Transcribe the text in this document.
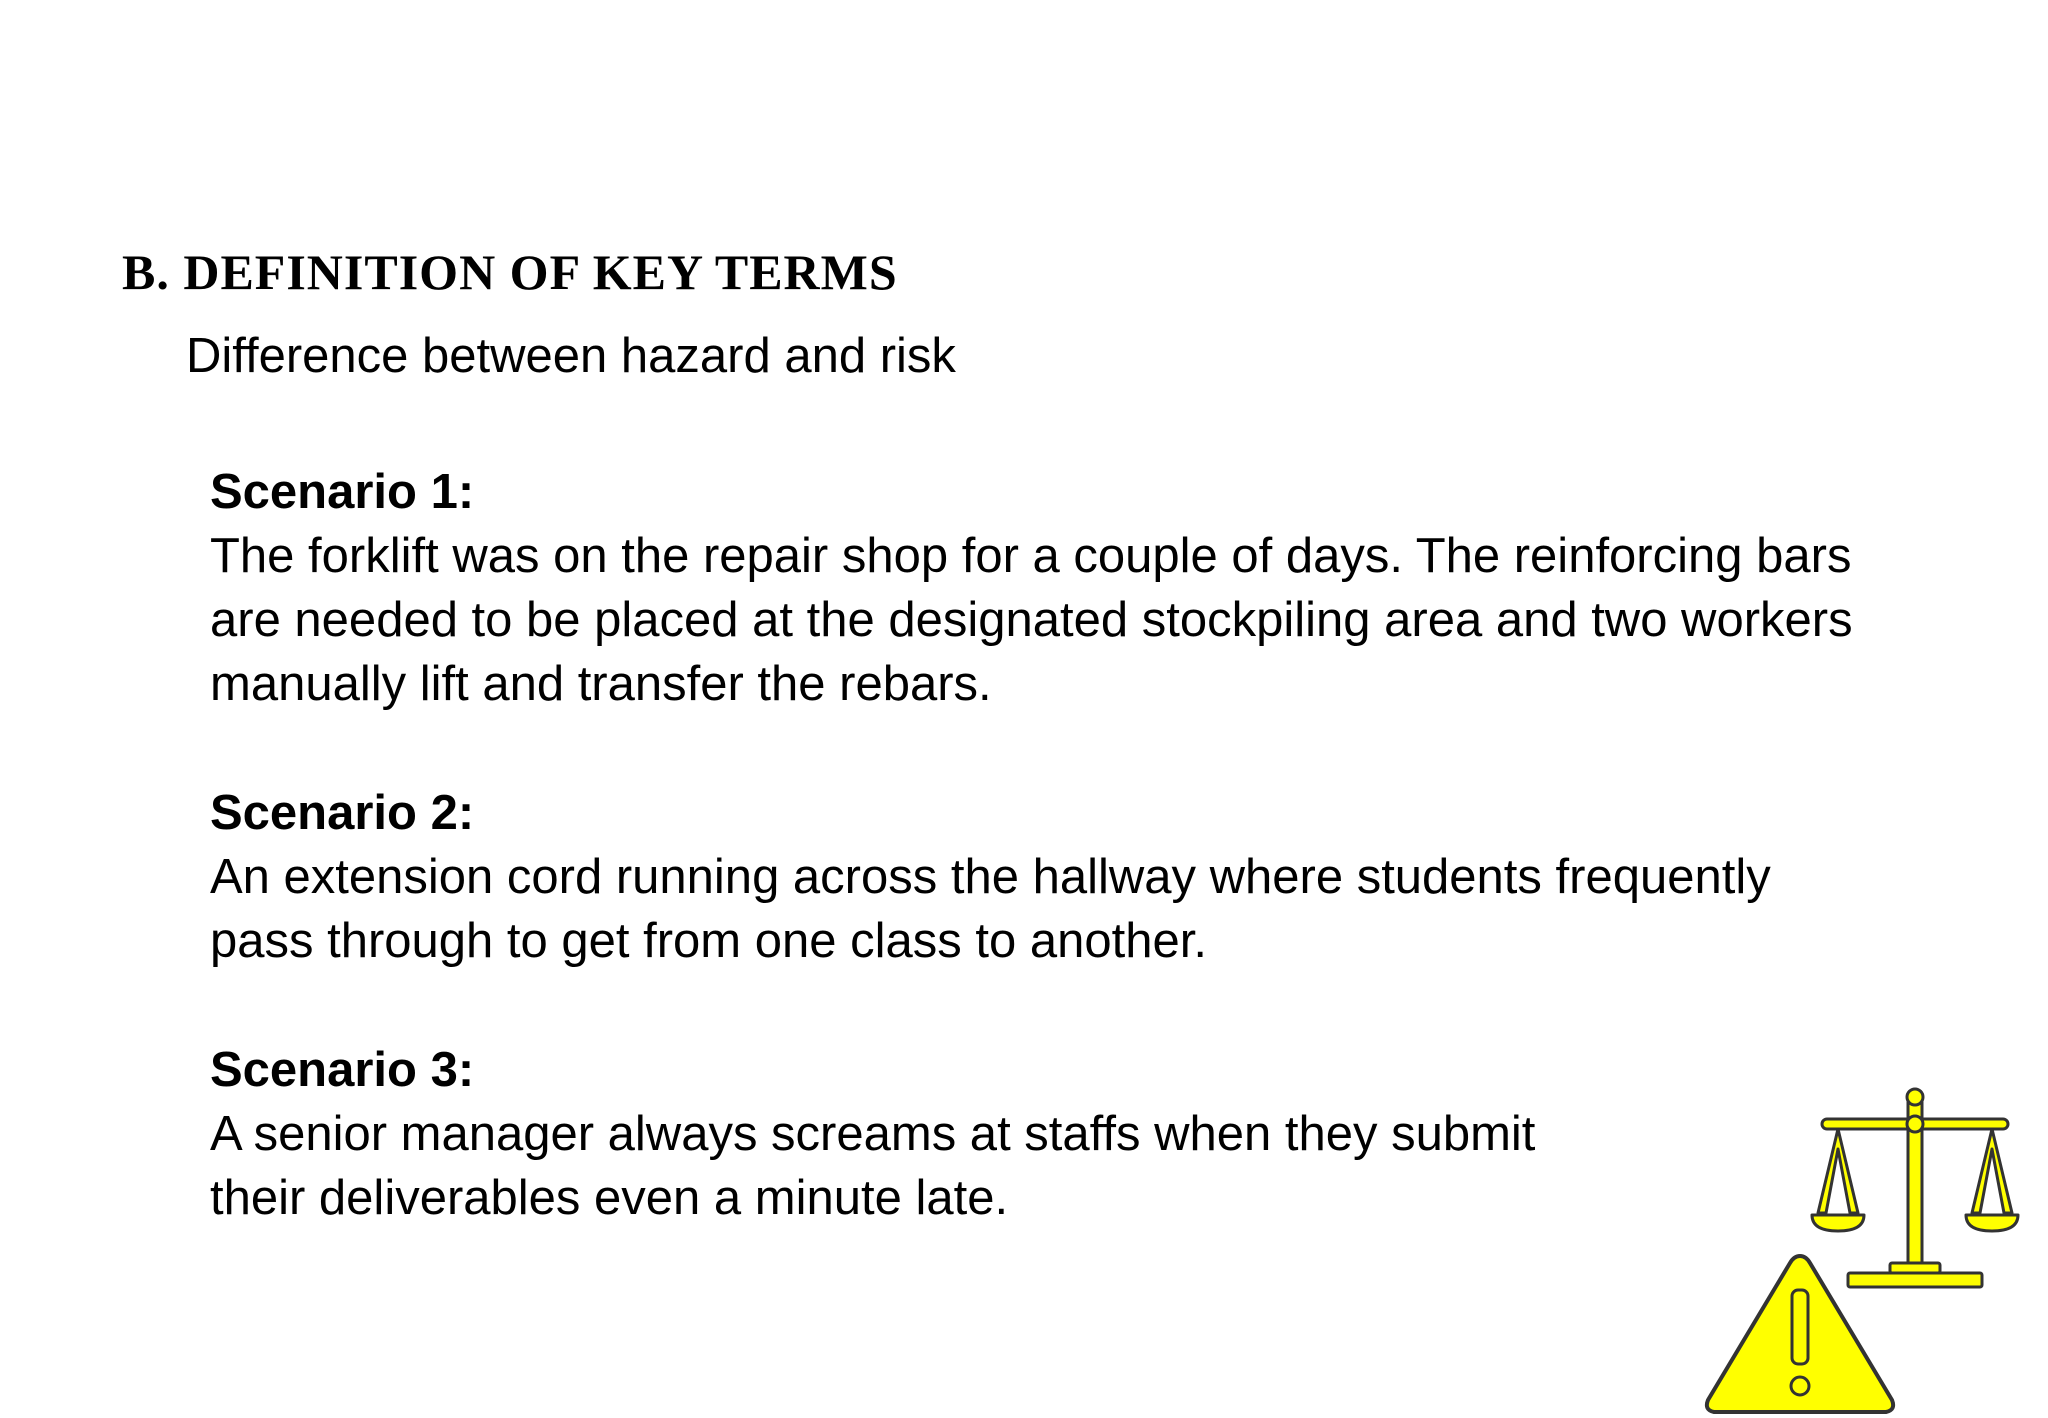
B. DEFINITION OF KEY TERMS

Difference between hazard and risk

Scenario 1:
The forklift was on the repair shop for a couple of days. The reinforcing bars
are needed to be placed at the designated stockpiling area and two workers
manually lift and transfer the rebars.
Scenario 2:
An extension cord running across the hallway where students frequently
pass through to get from one class to another.
Scenario 3:
A senior manager always screams at staffs when they submit
their deliverables even a minute late.
